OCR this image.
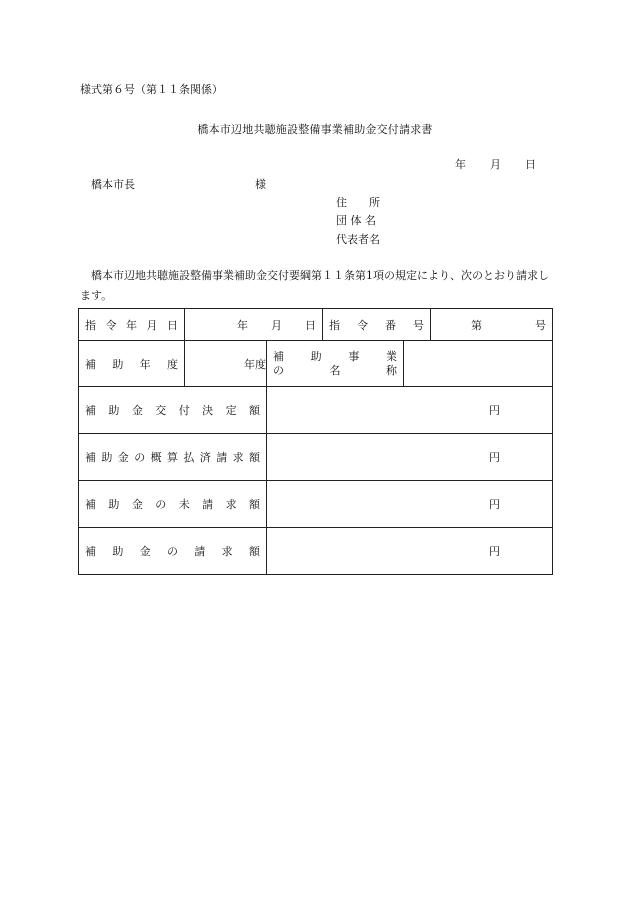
様式第６号（第１１条関係）
橋本市辺地共聴施設整備事業補助金交付請求書
年 月 日
橋本市長	様
住　　所
団 体 名
代表者名
橋本市辺地共聴施設整備事業補助金交付要綱第１１条第1項の規定により、次のとおり請求します。
指令年月日	年 月 日		指令番号		第 号

補助年度	年度	補助事業
の名称			

補助金交付決定額		円			

補助金の概算払済請求額		円			

補助金の未請求額		円			

補助金の請求額		円			
